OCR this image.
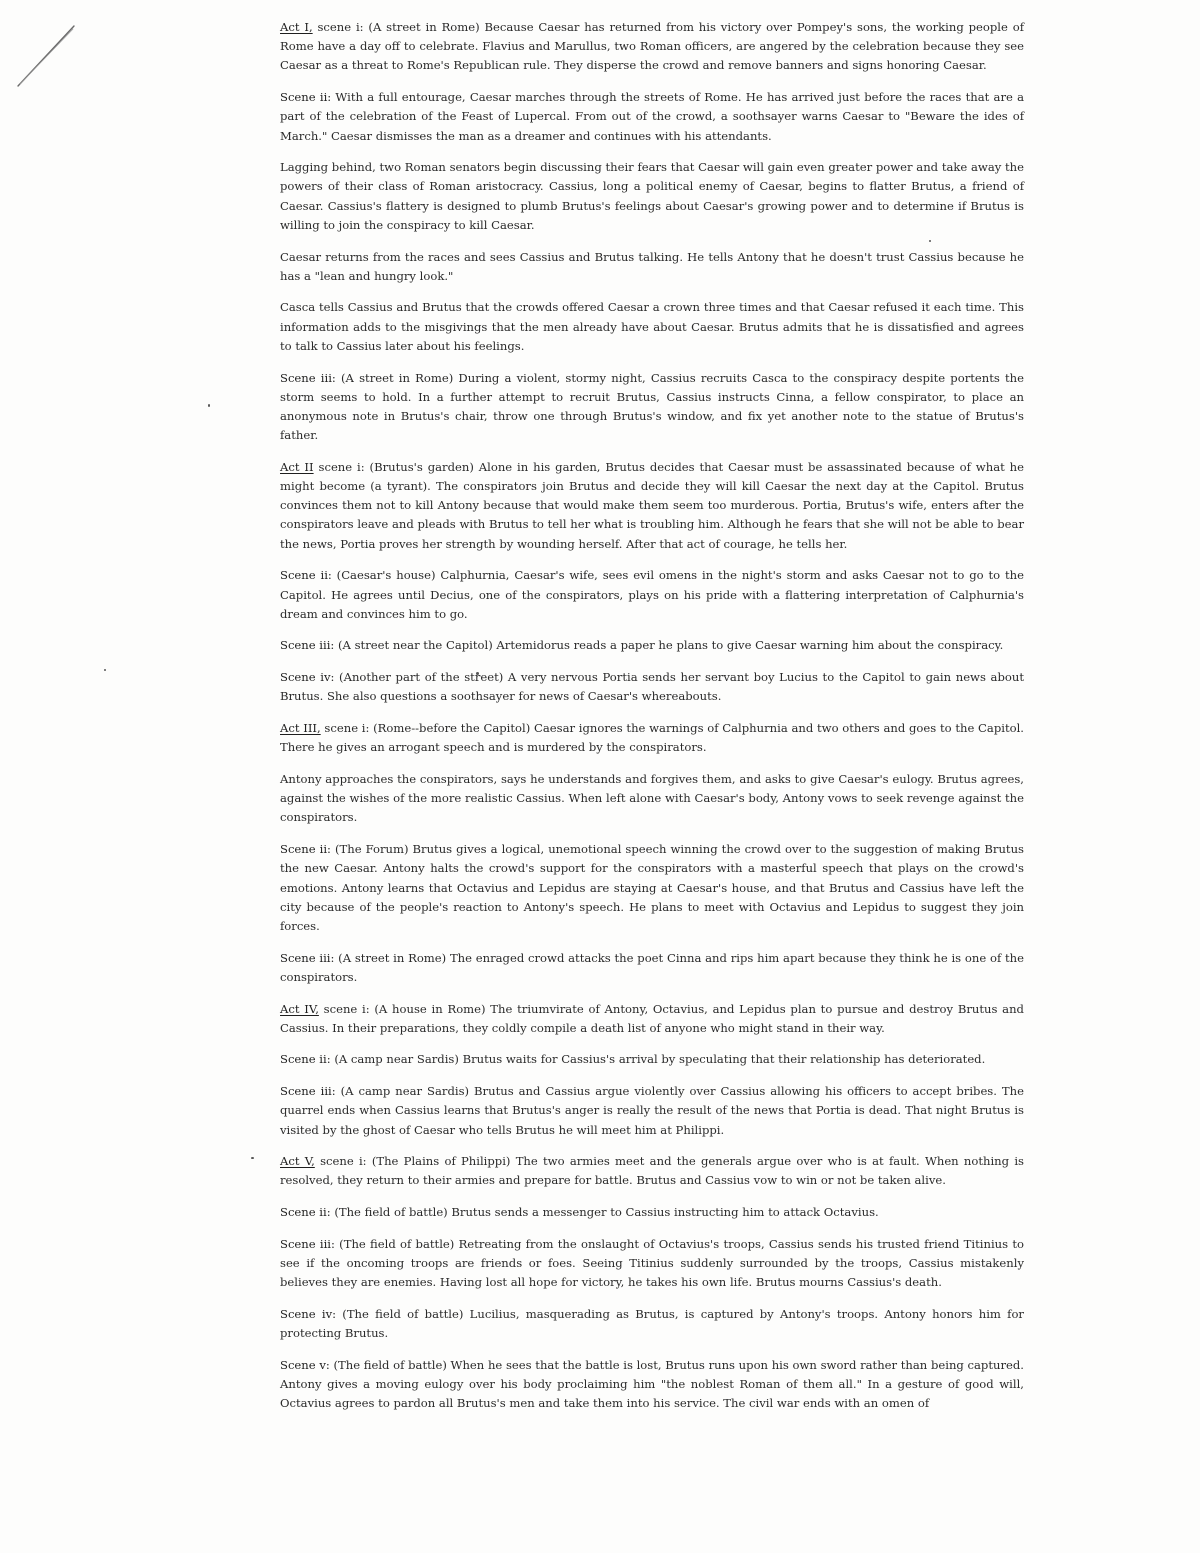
Act I, scene i: (A street in Rome) Because Caesar has returned from his victory over Pompey's sons, the working people of Rome have a day off to celebrate. Flavius and Marullus, two Roman officers, are angered by the celebration because they see Caesar as a threat to Rome's Republican rule. They disperse the crowd and remove banners and signs honoring Caesar.

Scene ii: With a full entourage, Caesar marches through the streets of Rome. He has arrived just before the races that are a part of the celebration of the Feast of Lupercal. From out of the crowd, a soothsayer warns Caesar to "Beware the ides of March." Caesar dismisses the man as a dreamer and continues with his attendants.

Lagging behind, two Roman senators begin discussing their fears that Caesar will gain even greater power and take away the powers of their class of Roman aristocracy. Cassius, long a political enemy of Caesar, begins to flatter Brutus, a friend of Caesar. Cassius's flattery is designed to plumb Brutus's feelings about Caesar's growing power and to determine if Brutus is willing to join the conspiracy to kill Caesar.

Caesar returns from the races and sees Cassius and Brutus talking. He tells Antony that he doesn't trust Cassius because he has a "lean and hungry look."

Casca tells Cassius and Brutus that the crowds offered Caesar a crown three times and that Caesar refused it each time. This information adds to the misgivings that the men already have about Caesar. Brutus admits that he is dissatisfied and agrees to talk to Cassius later about his feelings.

Scene iii: (A street in Rome) During a violent, stormy night, Cassius recruits Casca to the conspiracy despite portents the storm seems to hold. In a further attempt to recruit Brutus, Cassius instructs Cinna, a fellow conspirator, to place an anonymous note in Brutus's chair, throw one through Brutus's window, and fix yet another note to the statue of Brutus's father.

Act II scene i: (Brutus's garden) Alone in his garden, Brutus decides that Caesar must be assassinated because of what he might become (a tyrant). The conspirators join Brutus and decide they will kill Caesar the next day at the Capitol. Brutus convinces them not to kill Antony because that would make them seem too murderous. Portia, Brutus's wife, enters after the conspirators leave and pleads with Brutus to tell her what is troubling him. Although he fears that she will not be able to bear the news, Portia proves her strength by wounding herself. After that act of courage, he tells her.

Scene ii: (Caesar's house) Calphurnia, Caesar's wife, sees evil omens in the night's storm and asks Caesar not to go to the Capitol. He agrees until Decius, one of the conspirators, plays on his pride with a flattering interpretation of Calphurnia's dream and convinces him to go.

Scene iii: (A street near the Capitol) Artemidorus reads a paper he plans to give Caesar warning him about the conspiracy.

Scene iv: (Another part of the street) A very nervous Portia sends her servant boy Lucius to the Capitol to gain news about Brutus. She also questions a soothsayer for news of Caesar's whereabouts.

Act III, scene i: (Rome--before the Capitol) Caesar ignores the warnings of Calphurnia and two others and goes to the Capitol. There he gives an arrogant speech and is murdered by the conspirators.

Antony approaches the conspirators, says he understands and forgives them, and asks to give Caesar's eulogy. Brutus agrees, against the wishes of the more realistic Cassius. When left alone with Caesar's body, Antony vows to seek revenge against the conspirators.

Scene ii: (The Forum) Brutus gives a logical, unemotional speech winning the crowd over to the suggestion of making Brutus the new Caesar. Antony halts the crowd's support for the conspirators with a masterful speech that plays on the crowd's emotions. Antony learns that Octavius and Lepidus are staying at Caesar's house, and that Brutus and Cassius have left the city because of the people's reaction to Antony's speech. He plans to meet with Octavius and Lepidus to suggest they join forces.

Scene iii: (A street in Rome) The enraged crowd attacks the poet Cinna and rips him apart because they think he is one of the conspirators.

Act IV, scene i: (A house in Rome) The triumvirate of Antony, Octavius, and Lepidus plan to pursue and destroy Brutus and Cassius. In their preparations, they coldly compile a death list of anyone who might stand in their way.

Scene ii: (A camp near Sardis) Brutus waits for Cassius's arrival by speculating that their relationship has deteriorated.

Scene iii: (A camp near Sardis) Brutus and Cassius argue violently over Cassius allowing his officers to accept bribes. The quarrel ends when Cassius learns that Brutus's anger is really the result of the news that Portia is dead. That night Brutus is visited by the ghost of Caesar who tells Brutus he will meet him at Philippi.

Act V, scene i: (The Plains of Philippi) The two armies meet and the generals argue over who is at fault. When nothing is resolved, they return to their armies and prepare for battle. Brutus and Cassius vow to win or not be taken alive.

Scene ii: (The field of battle) Brutus sends a messenger to Cassius instructing him to attack Octavius.

Scene iii: (The field of battle) Retreating from the onslaught of Octavius's troops, Cassius sends his trusted friend Titinius to see if the oncoming troops are friends or foes. Seeing Titinius suddenly surrounded by the troops, Cassius mistakenly believes they are enemies. Having lost all hope for victory, he takes his own life. Brutus mourns Cassius's death.

Scene iv: (The field of battle) Lucilius, masquerading as Brutus, is captured by Antony's troops. Antony honors him for protecting Brutus.

Scene v: (The field of battle) When he sees that the battle is lost, Brutus runs upon his own sword rather than being captured. Antony gives a moving eulogy over his body proclaiming him "the noblest Roman of them all." In a gesture of good will, Octavius agrees to pardon all Brutus's men and take them into his service. The civil war ends with an omen of
